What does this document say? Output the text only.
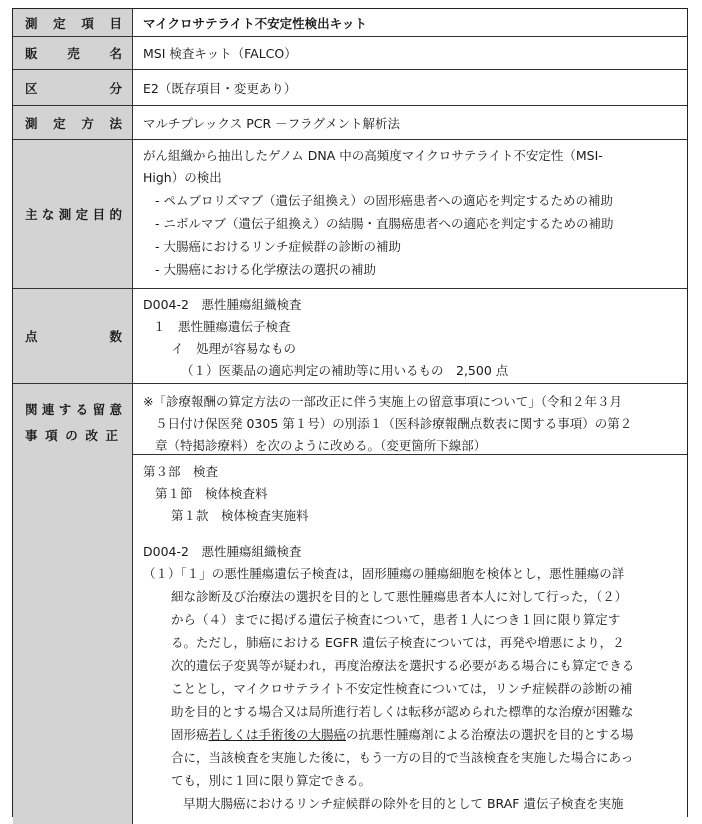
測 定 項 目 マイクロサテライト不安定性検出キット
販 売 名 MSI 検査キット（FALCO）
区	分 E2（既存項目・変更あり）
測 定 方 法 マルチプレックス PCR －フラグメント解析法
主 な 測 定 目 的
がん組織から抽出したゲノム DNA 中の高頻度マイクロサテライト不安定性（MSI-
High）の検出
- ペムブロリズマブ（遺伝子組換え）の固形癌患者への適応を判定するための補助
- ニボルマブ（遺伝子組換え）の結腸・直腸癌患者への適応を判定するための補助
- 大腸癌におけるリンチ症候群の診断の補助
- 大腸癌における化学療法の選択の補助
点	数
D004-2　悪性腫瘍組織検査
１　悪性腫瘍遺伝子検査
イ　処理が容易なもの
（１）医薬品の適応判定の補助等に用いるもの　2,500 点
関 連 す る 留 意
事 項 の 改 正
※「診療報酬の算定方法の一部改正に伴う実施上の留意事項について」（令和２年３月
５日付け保医発 0305 第１号）の別添１（医科診療報酬点数表に関する事項）の第２
章（特掲診療料）を次のように改める。（変更箇所下線部）
第３部　検査
第１節　検体検査料
第１款　検体検査実施料
D004-2　悪性腫瘍組織検査
（１）「１」の悪性腫瘍遺伝子検査は，固形腫瘍の腫瘍細胞を検体とし，悪性腫瘍の詳
細な診断及び治療法の選択を目的として悪性腫瘍患者本人に対して行った，（２）
から（４）までに掲げる遺伝子検査について，患者１人につき１回に限り算定す
る。ただし，肺癌における EGFR 遺伝子検査については，再発や増悪により，２
次的遺伝子変異等が疑われ，再度治療法を選択する必要がある場合にも算定できる
こととし，マイクロサテライト不安定性検査については，リンチ症候群の診断の補
助を目的とする場合又は局所進行若しくは転移が認められた標準的な治療が困難な
固形癌若しくは手術後の大腸癌の抗悪性腫瘍剤による治療法の選択を目的とする場
合に，当該検査を実施した後に，もう一方の目的で当該検査を実施した場合にあっ
ても，別に１回に限り算定できる。
早期大腸癌におけるリンチ症候群の除外を目的として BRAF 遺伝子検査を実施
